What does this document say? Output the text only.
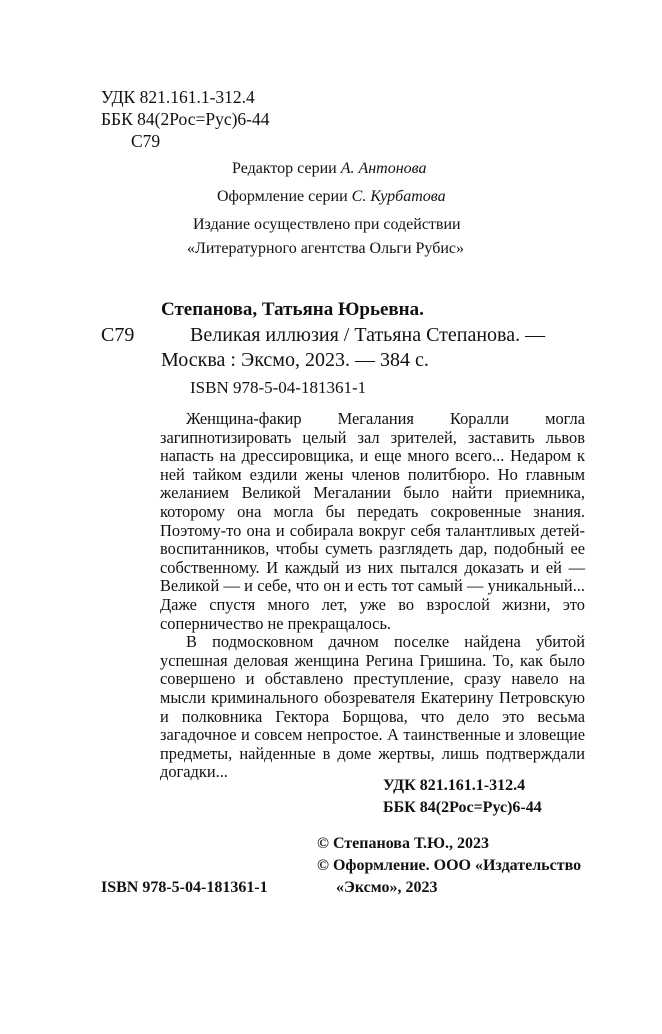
УДК 821.161.1-312.4
ББК 84(2Рос=Рус)6-44
С79
Редактор серии А. Антонова
Оформление серии С. Курбатова
Издание осуществлено при содействии
«Литературного агентства Ольги Рубис»
Степанова, Татьяна Юрьевна.
С79	Великая иллюзия / Татьяна Степанова. —
Москва : Эксмо, 2023. — 384 с.
ISBN 978-5-04-181361-1

Женщина-факир Мегалания Коралли могла загипнотизировать целый зал зрителей, заставить львов напасть на дрессировщика, и еще много всего... Недаром к ней тайком ездили жены членов политбюро. Но главным желанием Великой Мегалании было найти приемника, которому она могла бы передать сокровенные знания. Поэтому-то она и собирала вокруг себя талантливых детей-воспитанников, чтобы суметь разглядеть дар, подобный ее собственному. И каждый из них пытался доказать и ей — Великой — и себе, что он и есть тот самый — уникальный... Даже спустя много лет, уже во взрослой жизни, это соперничество не прекращалось.

В подмосковном дачном поселке найдена убитой успешная деловая женщина Регина Гришина. То, как было совершено и обставлено преступление, сразу навело на мысли криминального обозревателя Екатерину Петровскую и полковника Гектора Борщова, что дело это весьма загадочное и совсем непростое. А таинственные и зловещие предметы, найденные в доме жертвы, лишь подтверждали догадки...

УДК 821.161.1-312.4
ББК 84(2Рос=Рус)6-44
© Степанова Т.Ю., 2023
© Оформление. ООО «Издательство
ISBN 978-5-04-181361-1	«Эксмо», 2023
